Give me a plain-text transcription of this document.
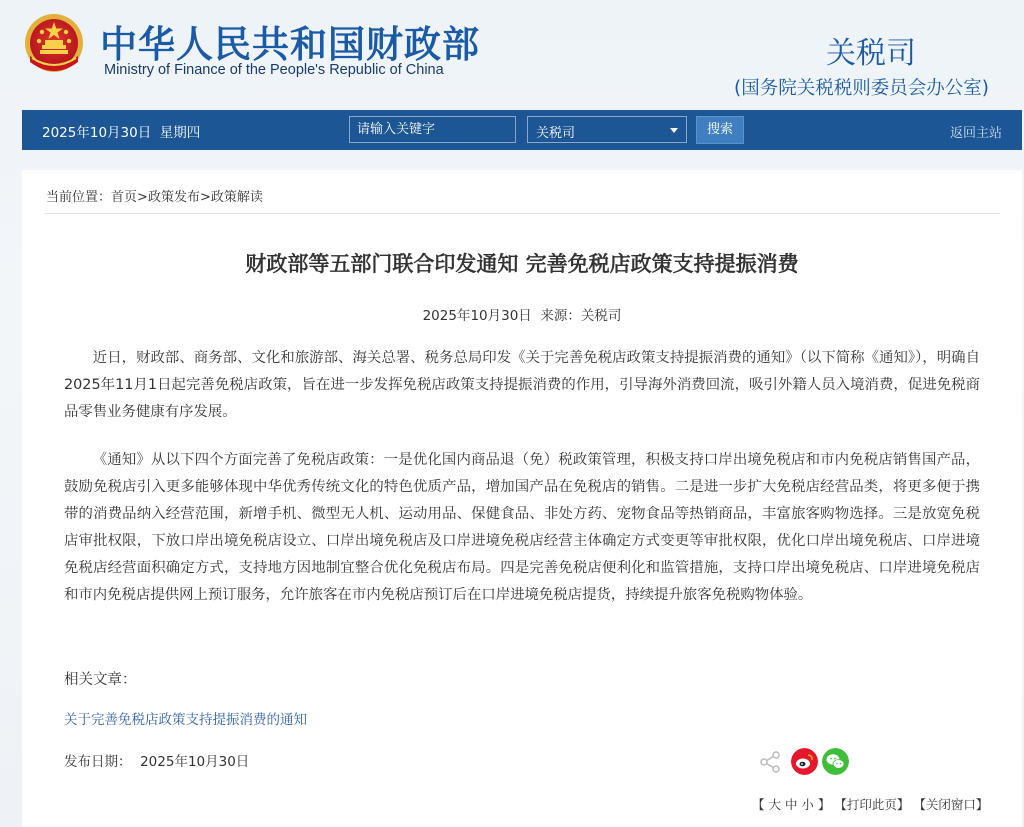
中华人民共和国财政部
Ministry of Finance of the People's Republic of China	关税司
(国务院关税税则委员会办公室)
2025年10月30日  星期四
请输入关键字	关税司	搜索	返回主站
当前位置：首页>政策发布>政策解读
财政部等五部门联合印发通知 完善免税店政策支持提振消费
2025年10月30日  来源：关税司

近日，财政部、商务部、文化和旅游部、海关总署、税务总局印发《关于完善免税店政策支持提振消费的通知》（以下简称《通知》），明确自2025年11月1日起完善免税店政策，旨在进一步发挥免税店政策支持提振消费的作用，引导海外消费回流，吸引外籍人员入境消费，促进免税商品零售业务健康有序发展。

《通知》从以下四个方面完善了免税店政策：一是优化国内商品退（免）税政策管理，积极支持口岸出境免税店和市内免税店销售国产品，鼓励免税店引入更多能够体现中华优秀传统文化的特色优质产品，增加国产品在免税店的销售。二是进一步扩大免税店经营品类，将更多便于携带的消费品纳入经营范围，新增手机、微型无人机、运动用品、保健食品、非处方药、宠物食品等热销商品，丰富旅客购物选择。三是放宽免税店审批权限，下放口岸出境免税店设立、口岸出境免税店及口岸进境免税店经营主体确定方式变更等审批权限，优化口岸出境免税店、口岸进境免税店经营面积确定方式，支持地方因地制宜整合优化免税店布局。四是完善免税店便利化和监管措施，支持口岸出境免税店、口岸进境免税店和市内免税店提供网上预订服务，允许旅客在市内免税店预订后在口岸进境免税店提货，持续提升旅客免税购物体验。

相关文章：
关于完善免税店政策支持提振消费的通知
发布日期：  2025年10月30日
【 大 中 小 】 【打印此页】 【关闭窗口】
